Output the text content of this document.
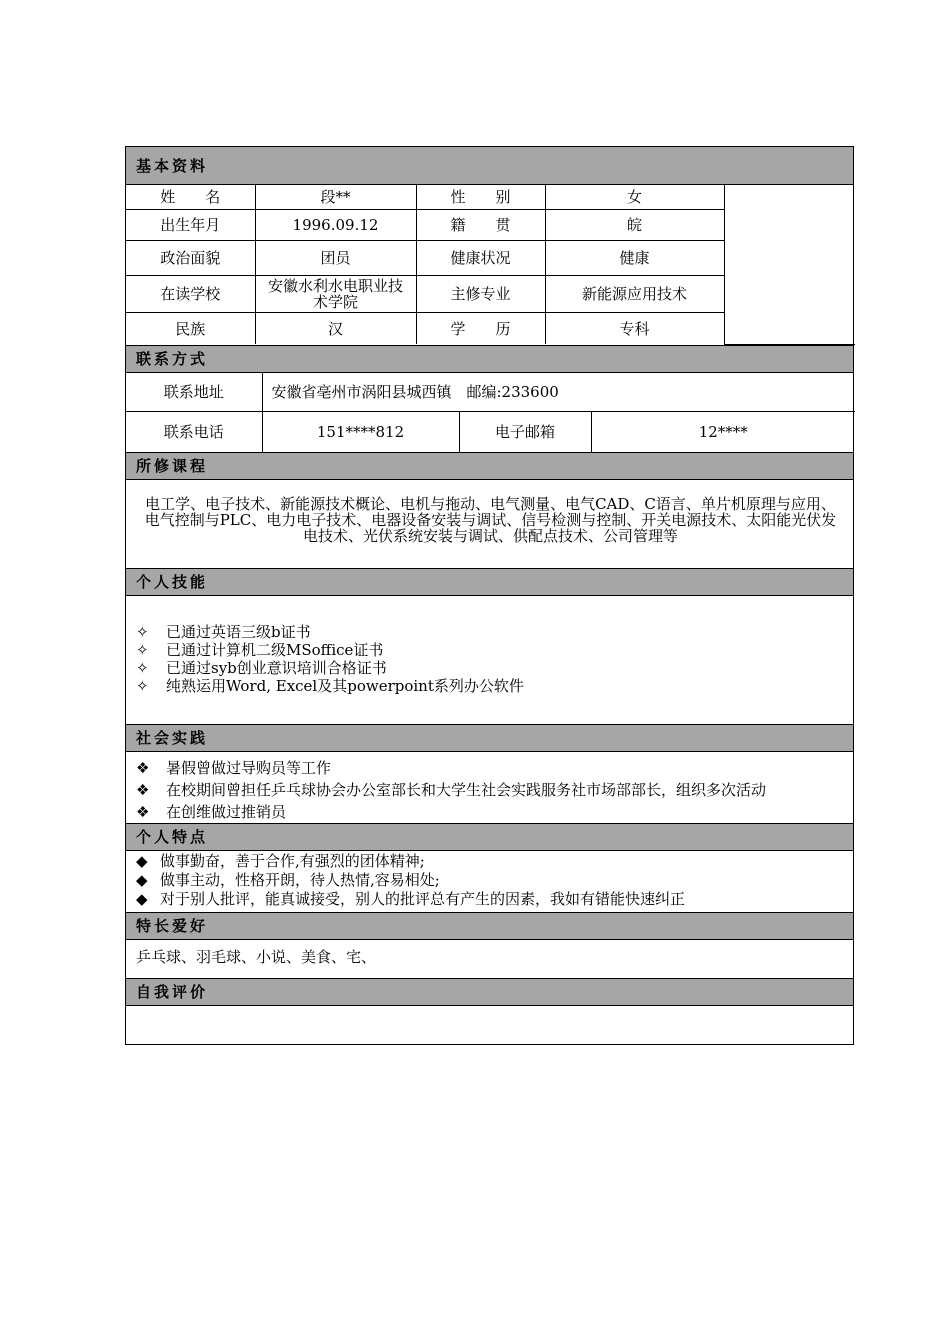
基本资料
姓　　名	段**	性　　别	女	
出生年月	1996.09.12	籍　　贯	皖	
政治面貌	团员	健康状况	健康	
在读学校	安徽水利水电职业技术学院	主修专业	新能源应用技术	
民族	汉	学　　历	专科	
联系方式
联系地址	安徽省亳州市涡阳县城西镇　邮编:233600		
联系电话	151****812	电子邮箱	12****
所修课程
电工学、电子技术、新能源技术概论、电机与拖动、电气测量、电气CAD、C语言、单片机原理与应用、电气控制与PLC、电力电子技术、电器设备安装与调试、信号检测与控制、开关电源技术、太阳能光伏发电技术、光伏系统安装与调试、供配点技术、公司管理等
个人技能
✧ 已通过英语三级b证书
✧ 已通过计算机二级MSoffice证书
✧ 已通过syb创业意识培训合格证书
✧ 纯熟运用Word, Excel及其powerpoint系列办公软件
社会实践
❖ 暑假曾做过导购员等工作
❖ 在校期间曾担任乒乓球协会办公室部长和大学生社会实践服务社市场部部长，组织多次活动
❖ 在创维做过推销员
个人特点
◆ 做事勤奋，善于合作,有强烈的团体精神;
◆ 做事主动，性格开朗，待人热情,容易相处;
◆ 对于别人批评，能真诚接受，别人的批评总有产生的因素，我如有错能快速纠正
特长爱好
乒乓球、羽毛球、小说、美食、宅、
自我评价
